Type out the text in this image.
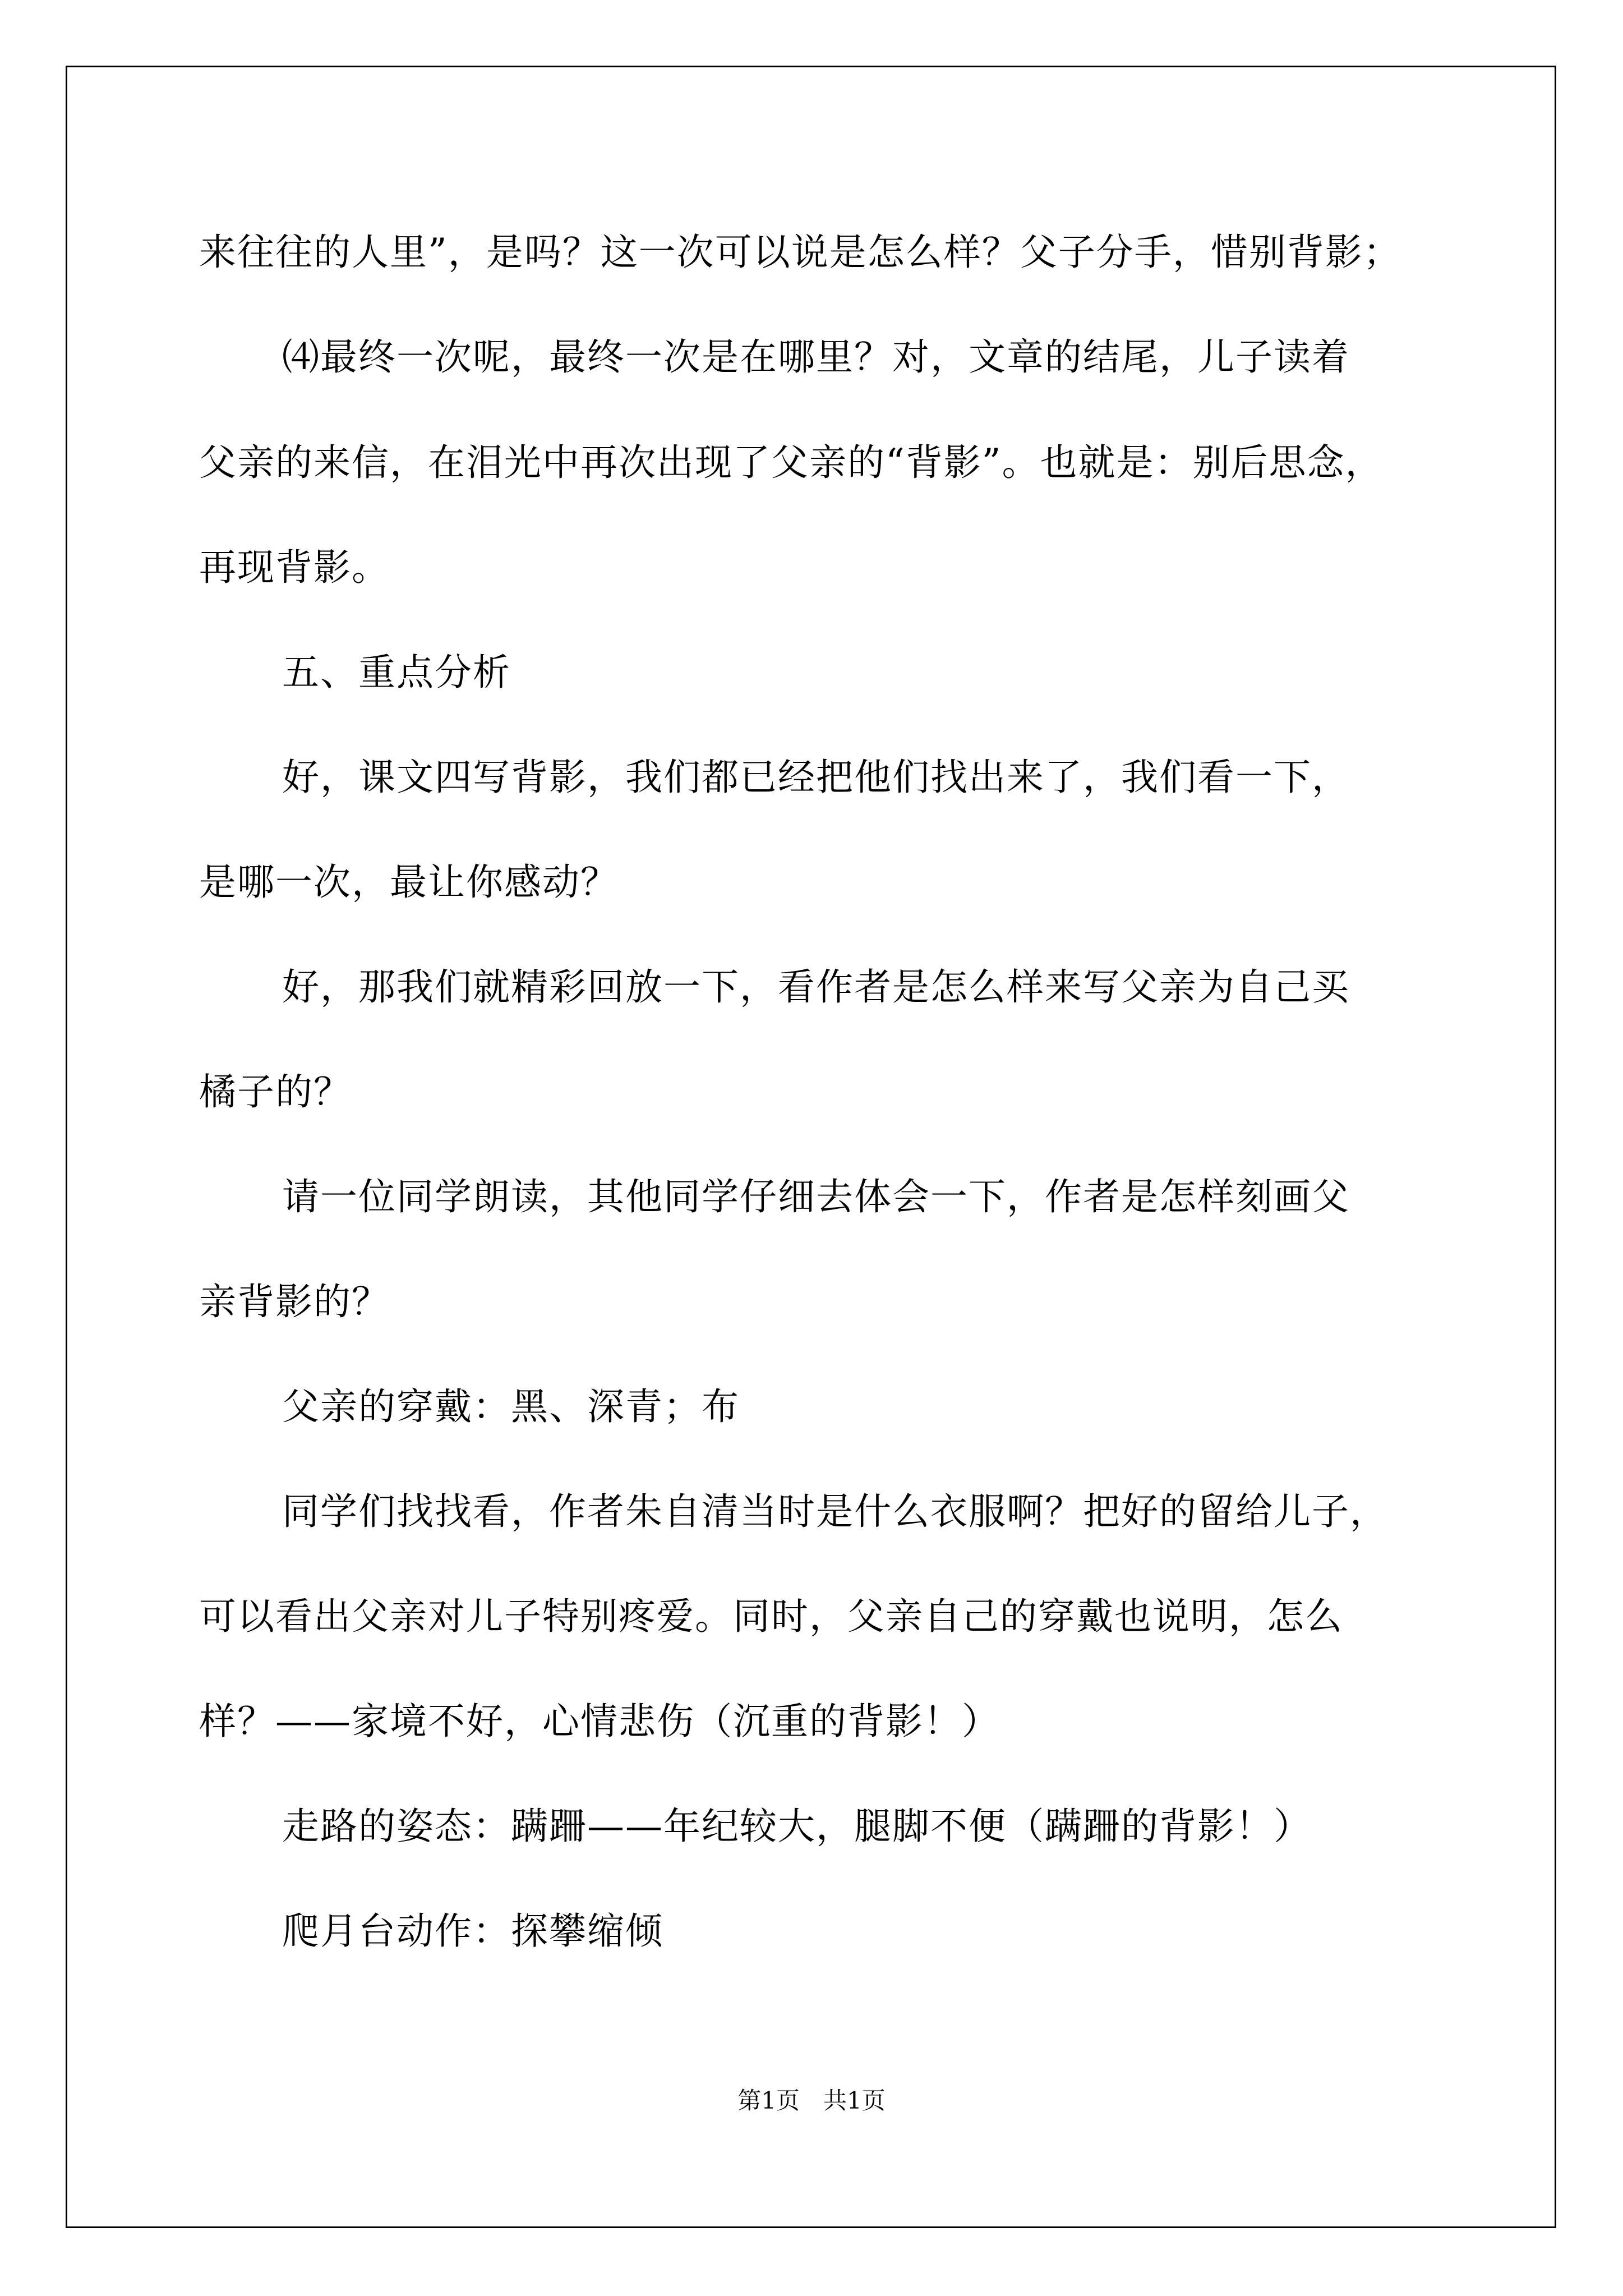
来往往的人里”，是吗？这一次可以说是怎么样？父子分手，惜别背影；
⑷最终一次呢，最终一次是在哪里？对，文章的结尾，儿子读着
父亲的来信，在泪光中再次出现了父亲的“背影”。也就是：别后思念，
再现背影。
五、重点分析
好，课文四写背影，我们都已经把他们找出来了，我们看一下，
是哪一次，最让你感动？
好，那我们就精彩回放一下，看作者是怎么样来写父亲为自己买
橘子的？
请一位同学朗读，其他同学仔细去体会一下，作者是怎样刻画父
亲背影的？
父亲的穿戴：黑、深青；布
同学们找找看，作者朱自清当时是什么衣服啊？把好的留给儿子，
可以看出父亲对儿子特别疼爱。同时，父亲自己的穿戴也说明，怎么
样？——家境不好，心情悲伤（沉重的背影！）
走路的姿态：蹒跚——年纪较大，腿脚不便（蹒跚的背影！）
爬月台动作：探攀缩倾
第1页　共1页
